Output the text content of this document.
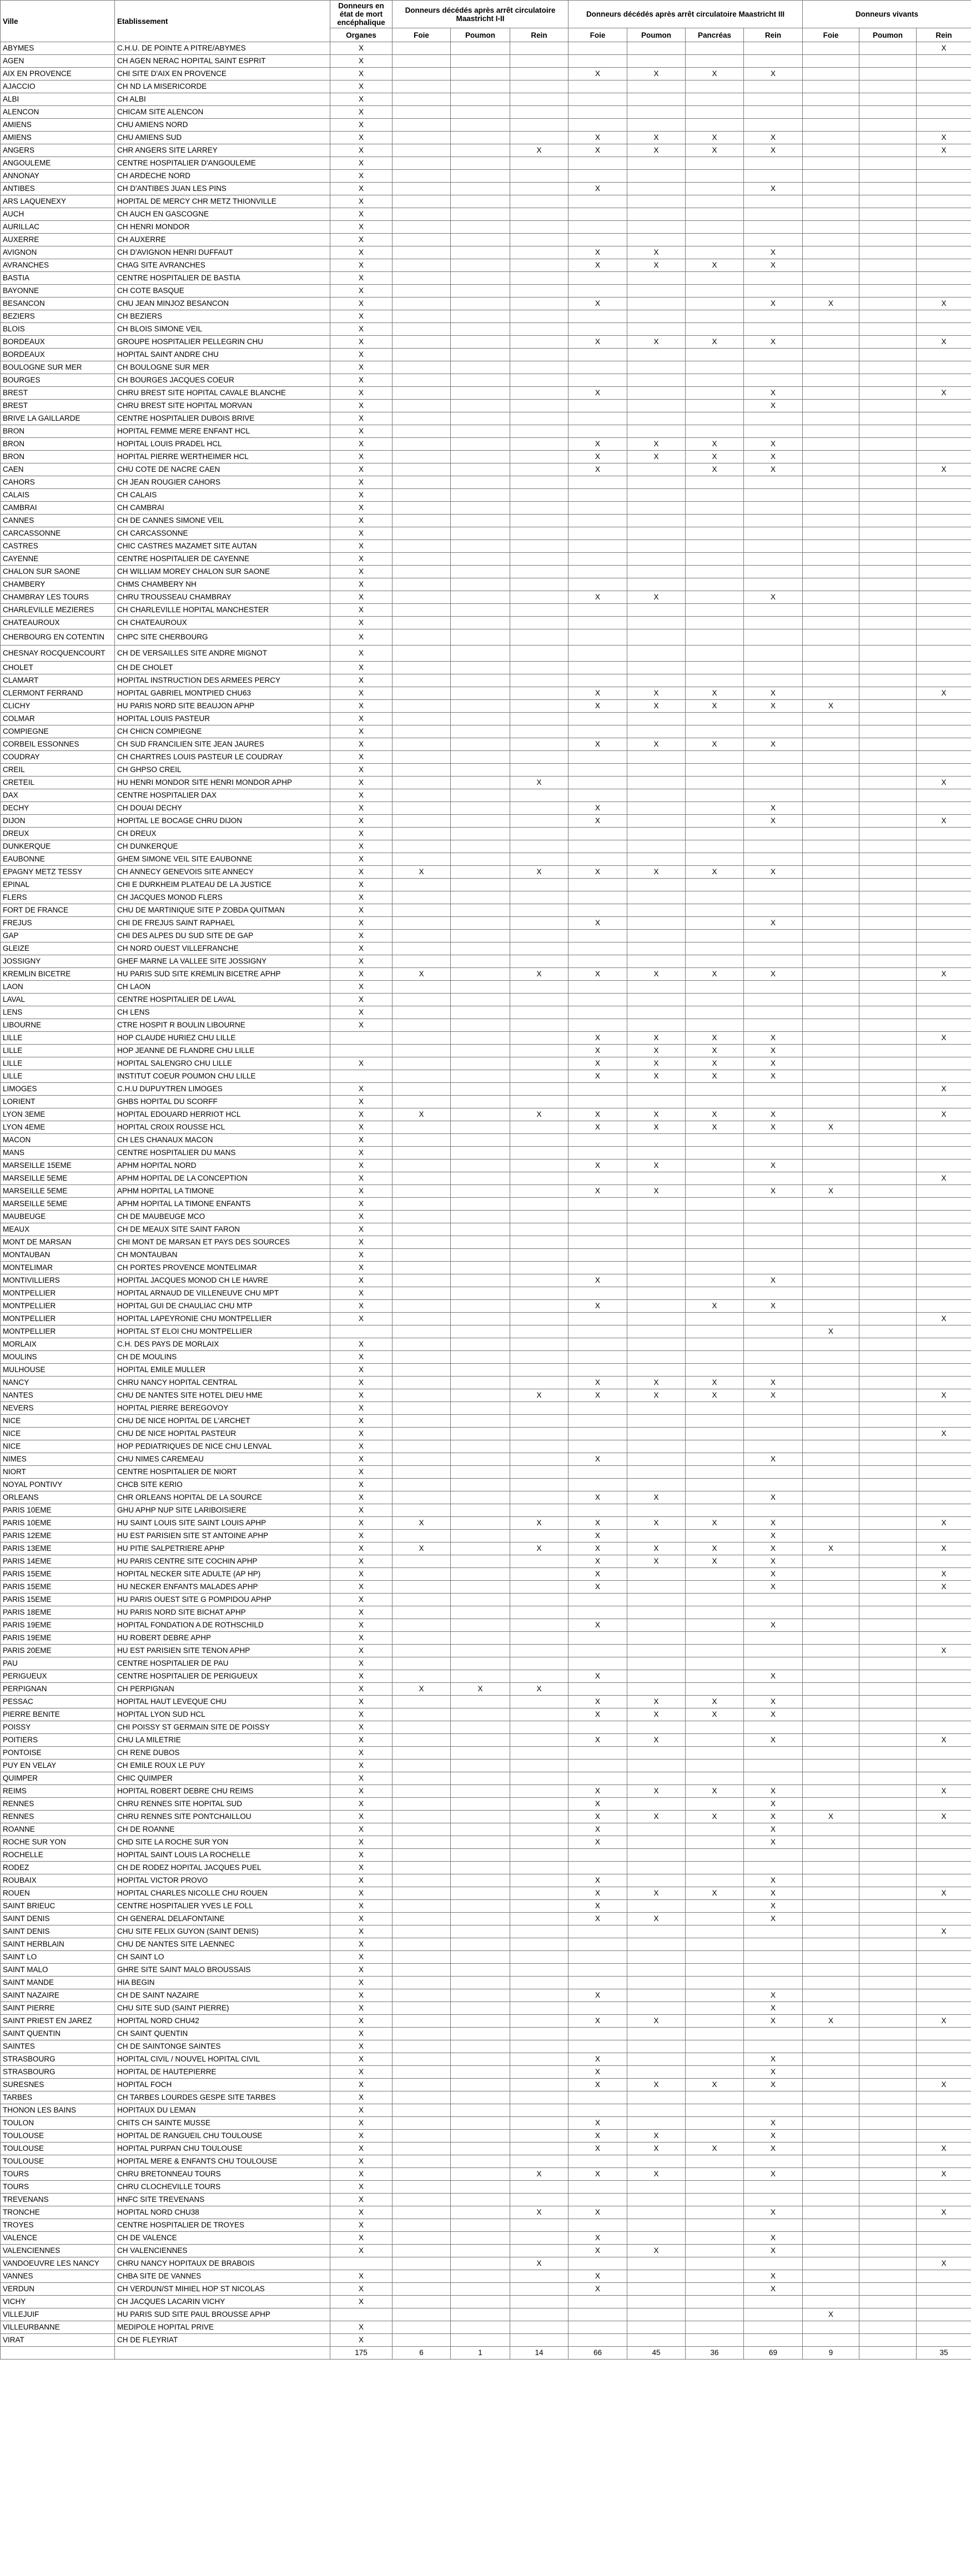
Ville	Etablissement	Donneurs en état de mort encéphalique	Donneurs décédés après arrêt circulatoire Maastricht I-II			Donneurs décédés après arrêt circulatoire Maastricht III				Donneurs vivants		
		Organes	Foie	Poumon	Rein	Foie	Poumon	Pancréas	Rein	Foie	Poumon	Rein
ABYMES	C.H.U. DE POINTE A PITRE/ABYMES	X										X
AGEN	CH AGEN NERAC HOPITAL SAINT ESPRIT	X										
AIX EN PROVENCE	CHI SITE D'AIX EN PROVENCE	X				X	X	X	X			
AJACCIO	CH ND LA MISERICORDE	X										
ALBI	CH ALBI	X										
ALENCON	CHICAM SITE ALENCON	X										
AMIENS	CHU AMIENS NORD	X										
AMIENS	CHU AMIENS SUD	X				X	X	X	X			X
ANGERS	CHR ANGERS SITE LARREY	X			X	X	X	X	X			X
ANGOULEME	CENTRE HOSPITALIER D'ANGOULEME	X										
ANNONAY	CH ARDECHE NORD	X										
ANTIBES	CH D'ANTIBES JUAN LES PINS	X				X			X			
ARS LAQUENEXY	HOPITAL DE MERCY CHR METZ THIONVILLE	X										
AUCH	CH AUCH EN GASCOGNE	X										
AURILLAC	CH HENRI MONDOR	X										
AUXERRE	CH AUXERRE	X										
AVIGNON	CH D'AVIGNON HENRI DUFFAUT	X				X	X		X			
AVRANCHES	CHAG SITE AVRANCHES	X				X	X	X	X			
BASTIA	CENTRE HOSPITALIER DE BASTIA	X										
BAYONNE	CH COTE BASQUE	X										
BESANCON	CHU JEAN MINJOZ BESANCON	X				X			X	X		X
BEZIERS	CH BEZIERS	X										
BLOIS	CH BLOIS SIMONE VEIL	X										
BORDEAUX	GROUPE HOSPITALIER PELLEGRIN CHU	X				X	X	X	X			X
BORDEAUX	HOPITAL SAINT ANDRE CHU	X										
BOULOGNE SUR MER	CH BOULOGNE SUR MER	X										
BOURGES	CH BOURGES JACQUES COEUR	X										
BREST	CHRU BREST SITE HOPITAL CAVALE BLANCHE	X				X			X			X
BREST	CHRU BREST SITE HOPITAL MORVAN	X							X			
BRIVE LA GAILLARDE	CENTRE HOSPITALIER DUBOIS BRIVE	X										
BRON	HOPITAL FEMME MERE ENFANT HCL	X										
BRON	HOPITAL LOUIS PRADEL HCL	X				X	X	X	X			
BRON	HOPITAL PIERRE WERTHEIMER HCL	X				X	X	X	X			
CAEN	CHU COTE DE NACRE CAEN	X				X		X	X			X
CAHORS	CH JEAN ROUGIER CAHORS	X										
CALAIS	CH CALAIS	X										
CAMBRAI	CH CAMBRAI	X										
CANNES	CH DE CANNES SIMONE VEIL	X										
CARCASSONNE	CH CARCASSONNE	X										
CASTRES	CHIC CASTRES MAZAMET SITE AUTAN	X										
CAYENNE	CENTRE HOSPITALIER DE CAYENNE	X										
CHALON SUR SAONE	CH WILLIAM MOREY CHALON SUR SAONE	X										
CHAMBERY	CHMS CHAMBERY NH	X										
CHAMBRAY LES TOURS	CHRU TROUSSEAU CHAMBRAY	X				X	X		X			
CHARLEVILLE MEZIERES	CH CHARLEVILLE HOPITAL MANCHESTER	X										
CHATEAUROUX	CH CHATEAUROUX	X										
CHERBOURG EN COTENTIN	CHPC SITE CHERBOURG	X										
CHESNAY ROCQUENCOURT	CH DE VERSAILLES SITE ANDRE MIGNOT	X										
CHOLET	CH DE CHOLET	X										
CLAMART	HOPITAL INSTRUCTION DES ARMEES PERCY	X										
CLERMONT FERRAND	HOPITAL GABRIEL MONTPIED CHU63	X				X	X	X	X			X
CLICHY	HU PARIS NORD SITE BEAUJON APHP	X				X	X	X	X	X		
COLMAR	HOPITAL LOUIS PASTEUR	X										
COMPIEGNE	CH CHICN COMPIEGNE	X										
CORBEIL ESSONNES	CH SUD FRANCILIEN SITE JEAN JAURES	X				X	X	X	X			
COUDRAY	CH CHARTRES LOUIS PASTEUR LE COUDRAY	X										
CREIL	CH GHPSO CREIL	X										
CRETEIL	HU HENRI MONDOR SITE HENRI MONDOR APHP	X			X							X
DAX	CENTRE HOSPITALIER DAX	X										
DECHY	CH DOUAI DECHY	X				X			X			
DIJON	HOPITAL LE BOCAGE CHRU DIJON	X				X			X			X
DREUX	CH DREUX	X										
DUNKERQUE	CH DUNKERQUE	X										
EAUBONNE	GHEM SIMONE VEIL SITE EAUBONNE	X										
EPAGNY METZ TESSY	CH ANNECY GENEVOIS SITE ANNECY	X	X		X	X	X	X	X			
EPINAL	CHI E DURKHEIM PLATEAU DE LA JUSTICE	X										
FLERS	CH JACQUES MONOD FLERS	X										
FORT DE FRANCE	CHU DE MARTINIQUE SITE P ZOBDA QUITMAN	X										
FREJUS	CHI DE FREJUS SAINT RAPHAEL	X				X			X			
GAP	CHI DES ALPES DU SUD SITE DE GAP	X										
GLEIZE	CH NORD OUEST VILLEFRANCHE	X										
JOSSIGNY	GHEF MARNE LA VALLEE SITE JOSSIGNY	X										
KREMLIN BICETRE	HU PARIS SUD SITE KREMLIN BICETRE APHP	X	X		X	X	X	X	X			X
LAON	CH LAON	X										
LAVAL	CENTRE HOSPITALIER DE LAVAL	X										
LENS	CH LENS	X										
LIBOURNE	CTRE HOSPIT R BOULIN LIBOURNE	X										
LILLE	HOP CLAUDE HURIEZ CHU LILLE					X	X	X	X			X
LILLE	HOP JEANNE DE FLANDRE CHU LILLE					X	X	X	X			
LILLE	HOPITAL SALENGRO CHU LILLE	X				X	X	X	X			
LILLE	INSTITUT COEUR POUMON CHU LILLE					X	X	X	X			
LIMOGES	C.H.U DUPUYTREN LIMOGES	X										X
LORIENT	GHBS HOPITAL DU SCORFF	X										
LYON 3EME	HOPITAL EDOUARD HERRIOT HCL	X	X		X	X	X	X	X			X
LYON 4EME	HOPITAL CROIX ROUSSE HCL	X				X	X	X	X	X		
MACON	CH LES CHANAUX MACON	X										
MANS	CENTRE HOSPITALIER DU MANS	X										
MARSEILLE 15EME	APHM HOPITAL NORD	X				X	X		X			
MARSEILLE 5EME	APHM HOPITAL DE LA CONCEPTION	X										X
MARSEILLE 5EME	APHM HOPITAL LA TIMONE	X				X	X		X	X		
MARSEILLE 5EME	APHM HOPITAL LA TIMONE ENFANTS	X										
MAUBEUGE	CH DE MAUBEUGE MCO	X										
MEAUX	CH DE MEAUX SITE SAINT FARON	X										
MONT DE MARSAN	CHI MONT DE MARSAN ET PAYS DES SOURCES	X										
MONTAUBAN	CH MONTAUBAN	X										
MONTELIMAR	CH PORTES PROVENCE MONTELIMAR	X										
MONTIVILLIERS	HOPITAL JACQUES MONOD CH LE HAVRE	X				X			X			
MONTPELLIER	HOPITAL ARNAUD DE VILLENEUVE CHU MPT	X										
MONTPELLIER	HOPITAL GUI DE CHAULIAC CHU MTP	X				X		X	X			
MONTPELLIER	HOPITAL LAPEYRONIE CHU MONTPELLIER	X										X
MONTPELLIER	HOPITAL ST ELOI CHU MONTPELLIER									X		
MORLAIX	C.H. DES PAYS DE MORLAIX	X										
MOULINS	CH DE MOULINS	X										
MULHOUSE	HOPITAL EMILE MULLER	X										
NANCY	CHRU NANCY HOPITAL CENTRAL	X				X	X	X	X			
NANTES	CHU DE NANTES SITE HOTEL DIEU HME	X			X	X	X	X	X			X
NEVERS	HOPITAL PIERRE BEREGOVOY	X										
NICE	CHU DE NICE HOPITAL DE L'ARCHET	X										
NICE	CHU DE NICE HOPITAL PASTEUR	X										X
NICE	HOP PEDIATRIQUES DE NICE CHU LENVAL	X										
NIMES	CHU NIMES CAREMEAU	X				X			X			
NIORT	CENTRE HOSPITALIER DE NIORT	X										
NOYAL PONTIVY	CHCB SITE KERIO	X										
ORLEANS	CHR ORLEANS HOPITAL DE LA SOURCE	X				X	X		X			
PARIS 10EME	GHU APHP NUP SITE LARIBOISIERE	X										
PARIS 10EME	HU SAINT LOUIS SITE SAINT LOUIS APHP	X	X		X	X	X	X	X			X
PARIS 12EME	HU EST PARISIEN SITE ST ANTOINE APHP	X				X			X			
PARIS 13EME	HU PITIE SALPETRIERE APHP	X	X		X	X	X	X	X	X		X
PARIS 14EME	HU PARIS CENTRE SITE COCHIN APHP	X				X	X	X	X			
PARIS 15EME	HOPITAL NECKER SITE ADULTE (AP HP)	X				X			X			X
PARIS 15EME	HU NECKER ENFANTS MALADES APHP	X				X			X			X
PARIS 15EME	HU PARIS OUEST SITE G POMPIDOU APHP	X										
PARIS 18EME	HU PARIS NORD SITE BICHAT APHP	X										
PARIS 19EME	HOPITAL FONDATION A DE ROTHSCHILD	X				X			X			
PARIS 19EME	HU ROBERT DEBRE APHP	X										
PARIS 20EME	HU EST PARISIEN SITE TENON APHP	X										X
PAU	CENTRE HOSPITALIER DE PAU	X										
PERIGUEUX	CENTRE HOSPITALIER DE PERIGUEUX	X				X			X			
PERPIGNAN	CH PERPIGNAN	X	X	X	X							
PESSAC	HOPITAL HAUT LEVEQUE CHU	X				X	X	X	X			
PIERRE BENITE	HOPITAL LYON SUD HCL	X				X	X	X	X			
POISSY	CHI POISSY ST GERMAIN SITE DE POISSY	X										
POITIERS	CHU LA MILETRIE	X				X	X		X			X
PONTOISE	CH RENE DUBOS	X										
PUY EN VELAY	CH EMILE ROUX LE PUY	X										
QUIMPER	CHIC QUIMPER	X										
REIMS	HOPITAL ROBERT DEBRE CHU REIMS	X				X	X	X	X			X
RENNES	CHRU RENNES SITE HOPITAL SUD	X				X			X			
RENNES	CHRU RENNES SITE PONTCHAILLOU	X				X	X	X	X	X		X
ROANNE	CH DE ROANNE	X				X			X			
ROCHE SUR YON	CHD SITE LA ROCHE SUR YON	X				X			X			
ROCHELLE	HOPITAL SAINT LOUIS LA ROCHELLE	X										
RODEZ	CH DE RODEZ HOPITAL JACQUES PUEL	X										
ROUBAIX	HOPITAL VICTOR PROVO	X				X			X			
ROUEN	HOPITAL CHARLES NICOLLE CHU ROUEN	X				X	X	X	X			X
SAINT BRIEUC	CENTRE HOSPITALIER YVES LE FOLL	X				X			X			
SAINT DENIS	CH GENERAL DELAFONTAINE	X				X	X		X			
SAINT DENIS	CHU SITE FELIX GUYON (SAINT DENIS)	X										X
SAINT HERBLAIN	CHU DE NANTES SITE LAENNEC	X										
SAINT LO	CH SAINT LO	X										
SAINT MALO	GHRE SITE SAINT MALO BROUSSAIS	X										
SAINT MANDE	HIA BEGIN	X										
SAINT NAZAIRE	CH DE SAINT NAZAIRE	X				X			X			
SAINT PIERRE	CHU SITE SUD (SAINT PIERRE)	X							X			
SAINT PRIEST EN JAREZ	HOPITAL NORD CHU42	X				X	X		X	X		X
SAINT QUENTIN	CH SAINT QUENTIN	X										
SAINTES	CH DE SAINTONGE SAINTES	X										
STRASBOURG	HOPITAL CIVIL / NOUVEL HOPITAL CIVIL	X				X			X			
STRASBOURG	HOPITAL DE HAUTEPIERRE	X				X			X			
SURESNES	HOPITAL FOCH	X				X	X	X	X			X
TARBES	CH TARBES LOURDES GESPE SITE TARBES	X										
THONON LES BAINS	HOPITAUX DU LEMAN	X										
TOULON	CHITS CH SAINTE MUSSE	X				X			X			
TOULOUSE	HOPITAL DE RANGUEIL CHU TOULOUSE	X				X	X		X			
TOULOUSE	HOPITAL PURPAN CHU TOULOUSE	X				X	X	X	X			X
TOULOUSE	HOPITAL MERE & ENFANTS CHU TOULOUSE	X										
TOURS	CHRU BRETONNEAU TOURS	X			X	X	X		X			X
TOURS	CHRU CLOCHEVILLE TOURS	X										
TREVENANS	HNFC SITE TREVENANS	X										
TRONCHE	HOPITAL NORD CHU38	X			X	X			X			X
TROYES	CENTRE HOSPITALIER DE TROYES	X										
VALENCE	CH DE VALENCE	X				X			X			
VALENCIENNES	CH VALENCIENNES	X				X	X		X			
VANDOEUVRE LES NANCY	CHRU NANCY HOPITAUX DE BRABOIS				X							X
VANNES	CHBA SITE DE VANNES	X				X			X			
VERDUN	CH VERDUN/ST MIHIEL HOP ST NICOLAS	X				X			X			
VICHY	CH JACQUES LACARIN VICHY	X										
VILLEJUIF	HU PARIS SUD SITE PAUL BROUSSE APHP									X		
VILLEURBANNE	MEDIPOLE HOPITAL PRIVE	X										
VIRAT	CH DE FLEYRIAT	X										
		175	6	1	14	66	45	36	69	9		35
